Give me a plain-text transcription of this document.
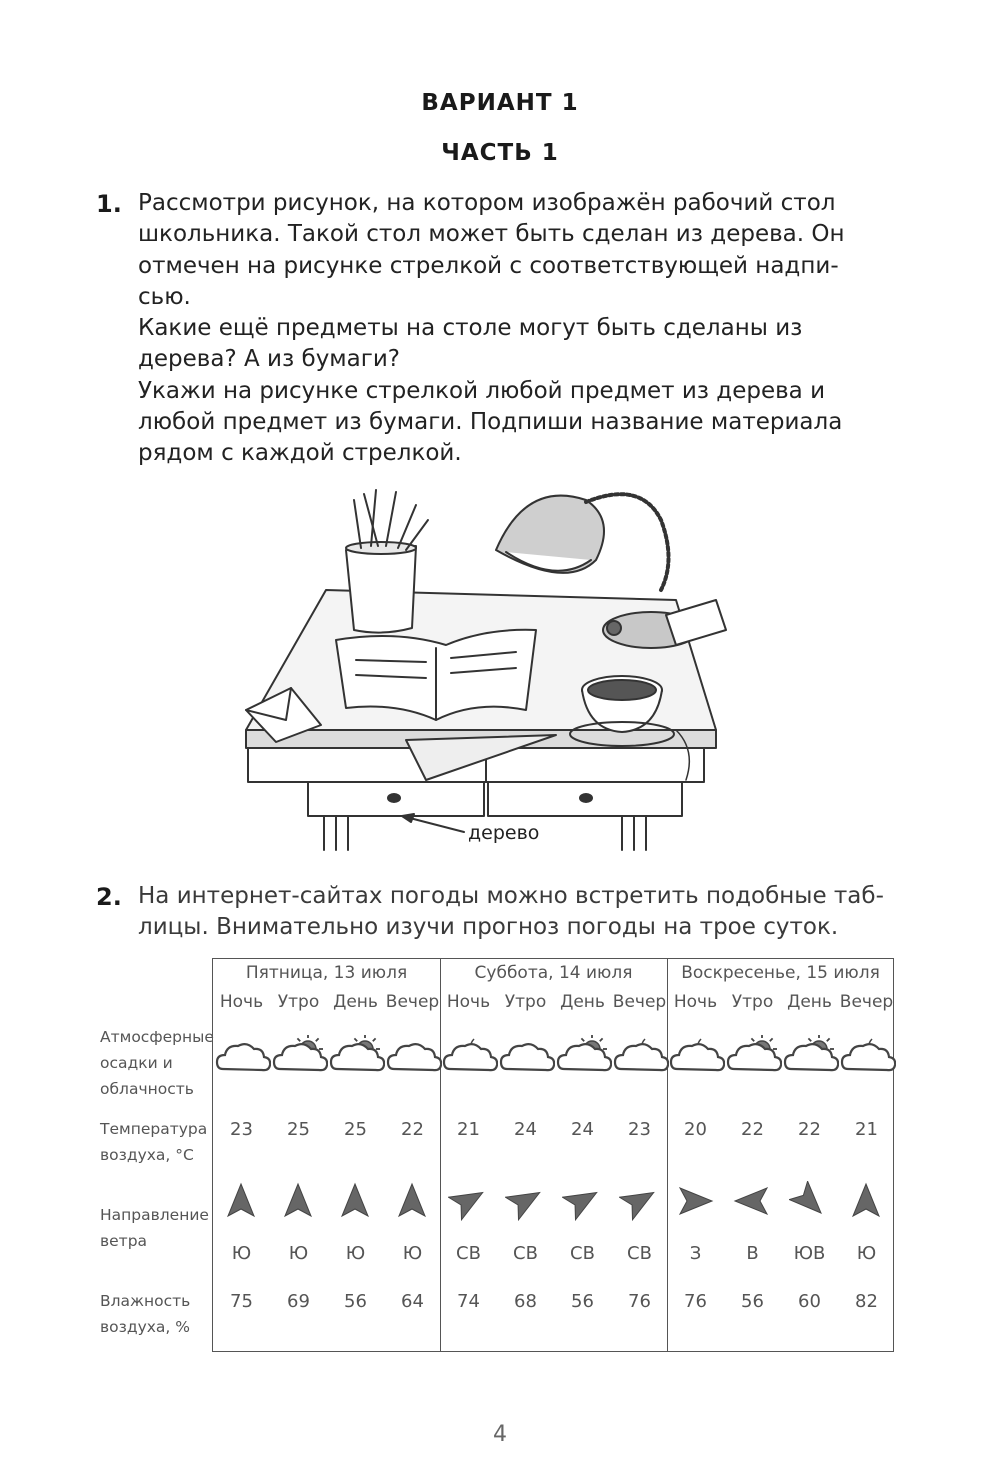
ВАРИАНТ 1
ЧАСТЬ 1
1. Рассмотри рисунок, на котором изображён рабочий стол
школьника. Такой стол может быть сделан из дерева. Он
отмечен на рисунке стрелкой с соответствующей надпи-
сью.
Какие ещё предметы на столе могут быть сделаны из
дерева? А из бумаги?
Укажи на рисунке стрелкой любой предмет из дерева и
любой предмет из бумаги. Подпиши название материала
рядом с каждой стрелкой.
дерево
2. На интернет-сайтах погоды можно встретить подобные таб-
лицы. Внимательно изучи прогноз погоды на трое суток.
Атмосферные
осадки и
облачность
Температура
воздуха, °С
Направление
ветра
Влажность
воздуха, %
Пятница, 13 июля
Ночь
23
Ю
75
Утро
25
Ю
69
День
25
Ю
56
Вечер
22
Ю
64
Суббота, 14 июля
Ночь
21
СВ
74
Утро
24
СВ
68
День
24
СВ
56
Вечер
23
СВ
76
Воскресенье, 15 июля
Ночь
20
З
76
Утро
22
В
56
День
22
ЮВ
60
Вечер
21
Ю
82
4
